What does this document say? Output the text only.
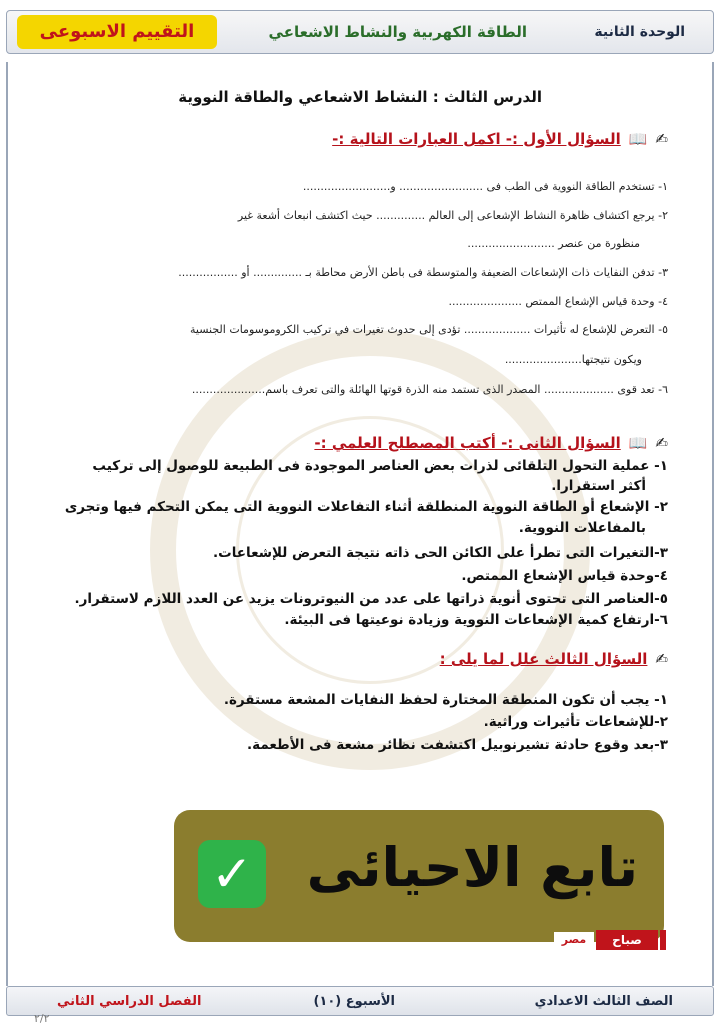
الوحدة الثانية
الطاقة الكهربية والنشاط الاشعاعي
التقييم الاسبوعى
الدرس الثالث : النشاط الاشعاعي والطاقة النووية
✍📖السؤال الأول :- اكمل العبارات التالية :-
١- تستخدم الطاقة النووية فى الطب فى ........................ و.........................
٢- يرجع اكتشاف ظاهرة النشاط الإشعاعى إلى العالم .............. حيث اكتشف انبعاث أشعة غير
منظورة من عنصر .........................
٣- تدفن النفايات ذات الإشعاعات الضعيفة والمتوسطة فى باطن الأرض محاطة بـ .............. أو .................
٤- وحدة قياس الإشعاع الممتص .....................
٥- التعرض للإشعاع له تأثيرات ................... تؤدى إلى حدوث تغيرات في تركيب الكروموسومات الجنسية
ويكون نتيجتها......................
٦- تعد قوى .................... المصدر الذى تستمد منه الذرة قوتها الهائلة والتى تعرف باسم.....................
✍📖السؤال الثانى :- أكتب المصطلح العلمي :-
١- عملية التحول التلقائى لذرات بعض العناصر الموجودة فى الطبيعة للوصول إلى تركيب
أكثر استقرارا.
٢- الإشعاع أو الطاقة النووية المنطلقة أثناء التفاعلات النووية التى يمكن التحكم فيها وتجرى
بالمفاعلات النووية.
٣-التغيرات التى تطرأ على الكائن الحى ذاته نتيجة التعرض للإشعاعات.
٤-وحدة قياس الإشعاع الممتص.
٥-العناصر التى تحتوى أنوية ذراتها على عدد من النيوترونات يزيد عن العدد اللازم لاستقرار.
٦-ارتفاع كمية الإشعاعات النووية وزيادة نوعيتها فى البيئة.
✍السؤال الثالث علل لما يلى :
١- يجب أن تكون المنطقة المختارة لحفظ النفايات المشعة مستقرة.
٢-للإشعاعات تأثيرات وراثية.
٣-بعد وقوع حادثة تشيرنوبيل اكتشفت نظائر مشعة فى الأطعمة.
تابع الاحيائى
✓
مصر	صباح
الصف الثالث الاعدادي
الأسبوع (١٠)
الفصل الدراسي الثاني
٢/٢
